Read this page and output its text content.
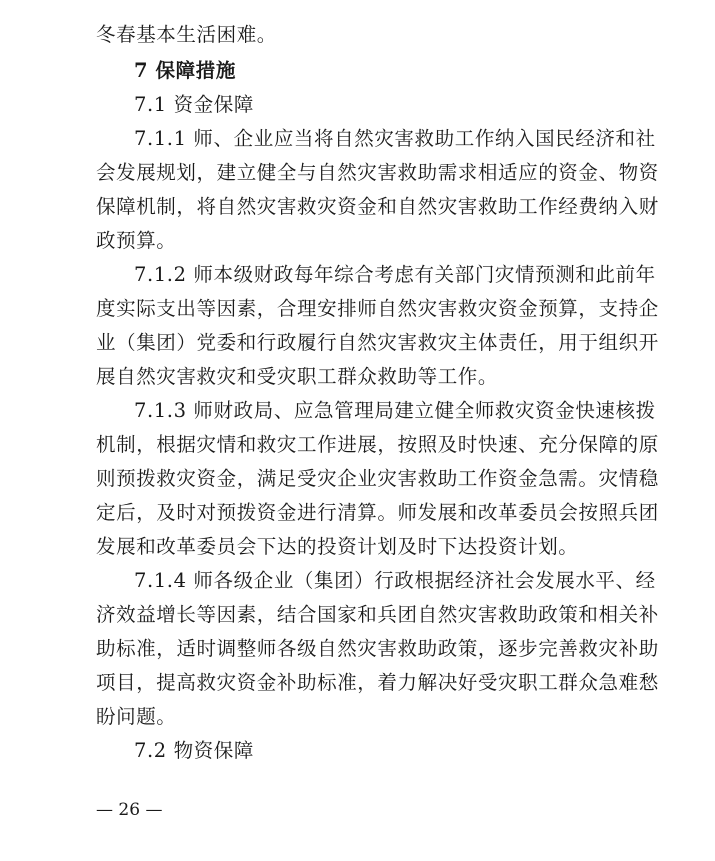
冬春基本生活困难。
7 保障措施
7.1 资金保障
7.1.1 师、企业应当将自然灾害救助工作纳入国民经济和社
会发展规划，建立健全与自然灾害救助需求相适应的资金、物资
保障机制，将自然灾害救灾资金和自然灾害救助工作经费纳入财
政预算。
7.1.2 师本级财政每年综合考虑有关部门灾情预测和此前年
度实际支出等因素，合理安排师自然灾害救灾资金预算，支持企
业（集团）党委和行政履行自然灾害救灾主体责任，用于组织开
展自然灾害救灾和受灾职工群众救助等工作。
7.1.3 师财政局、应急管理局建立健全师救灾资金快速核拨
机制，根据灾情和救灾工作进展，按照及时快速、充分保障的原
则预拨救灾资金，满足受灾企业灾害救助工作资金急需。灾情稳
定后，及时对预拨资金进行清算。师发展和改革委员会按照兵团
发展和改革委员会下达的投资计划及时下达投资计划。
7.1.4 师各级企业（集团）行政根据经济社会发展水平、经
济效益增长等因素，结合国家和兵团自然灾害救助政策和相关补
助标准，适时调整师各级自然灾害救助政策，逐步完善救灾补助
项目，提高救灾资金补助标准，着力解决好受灾职工群众急难愁
盼问题。
7.2 物资保障
— 26 —
